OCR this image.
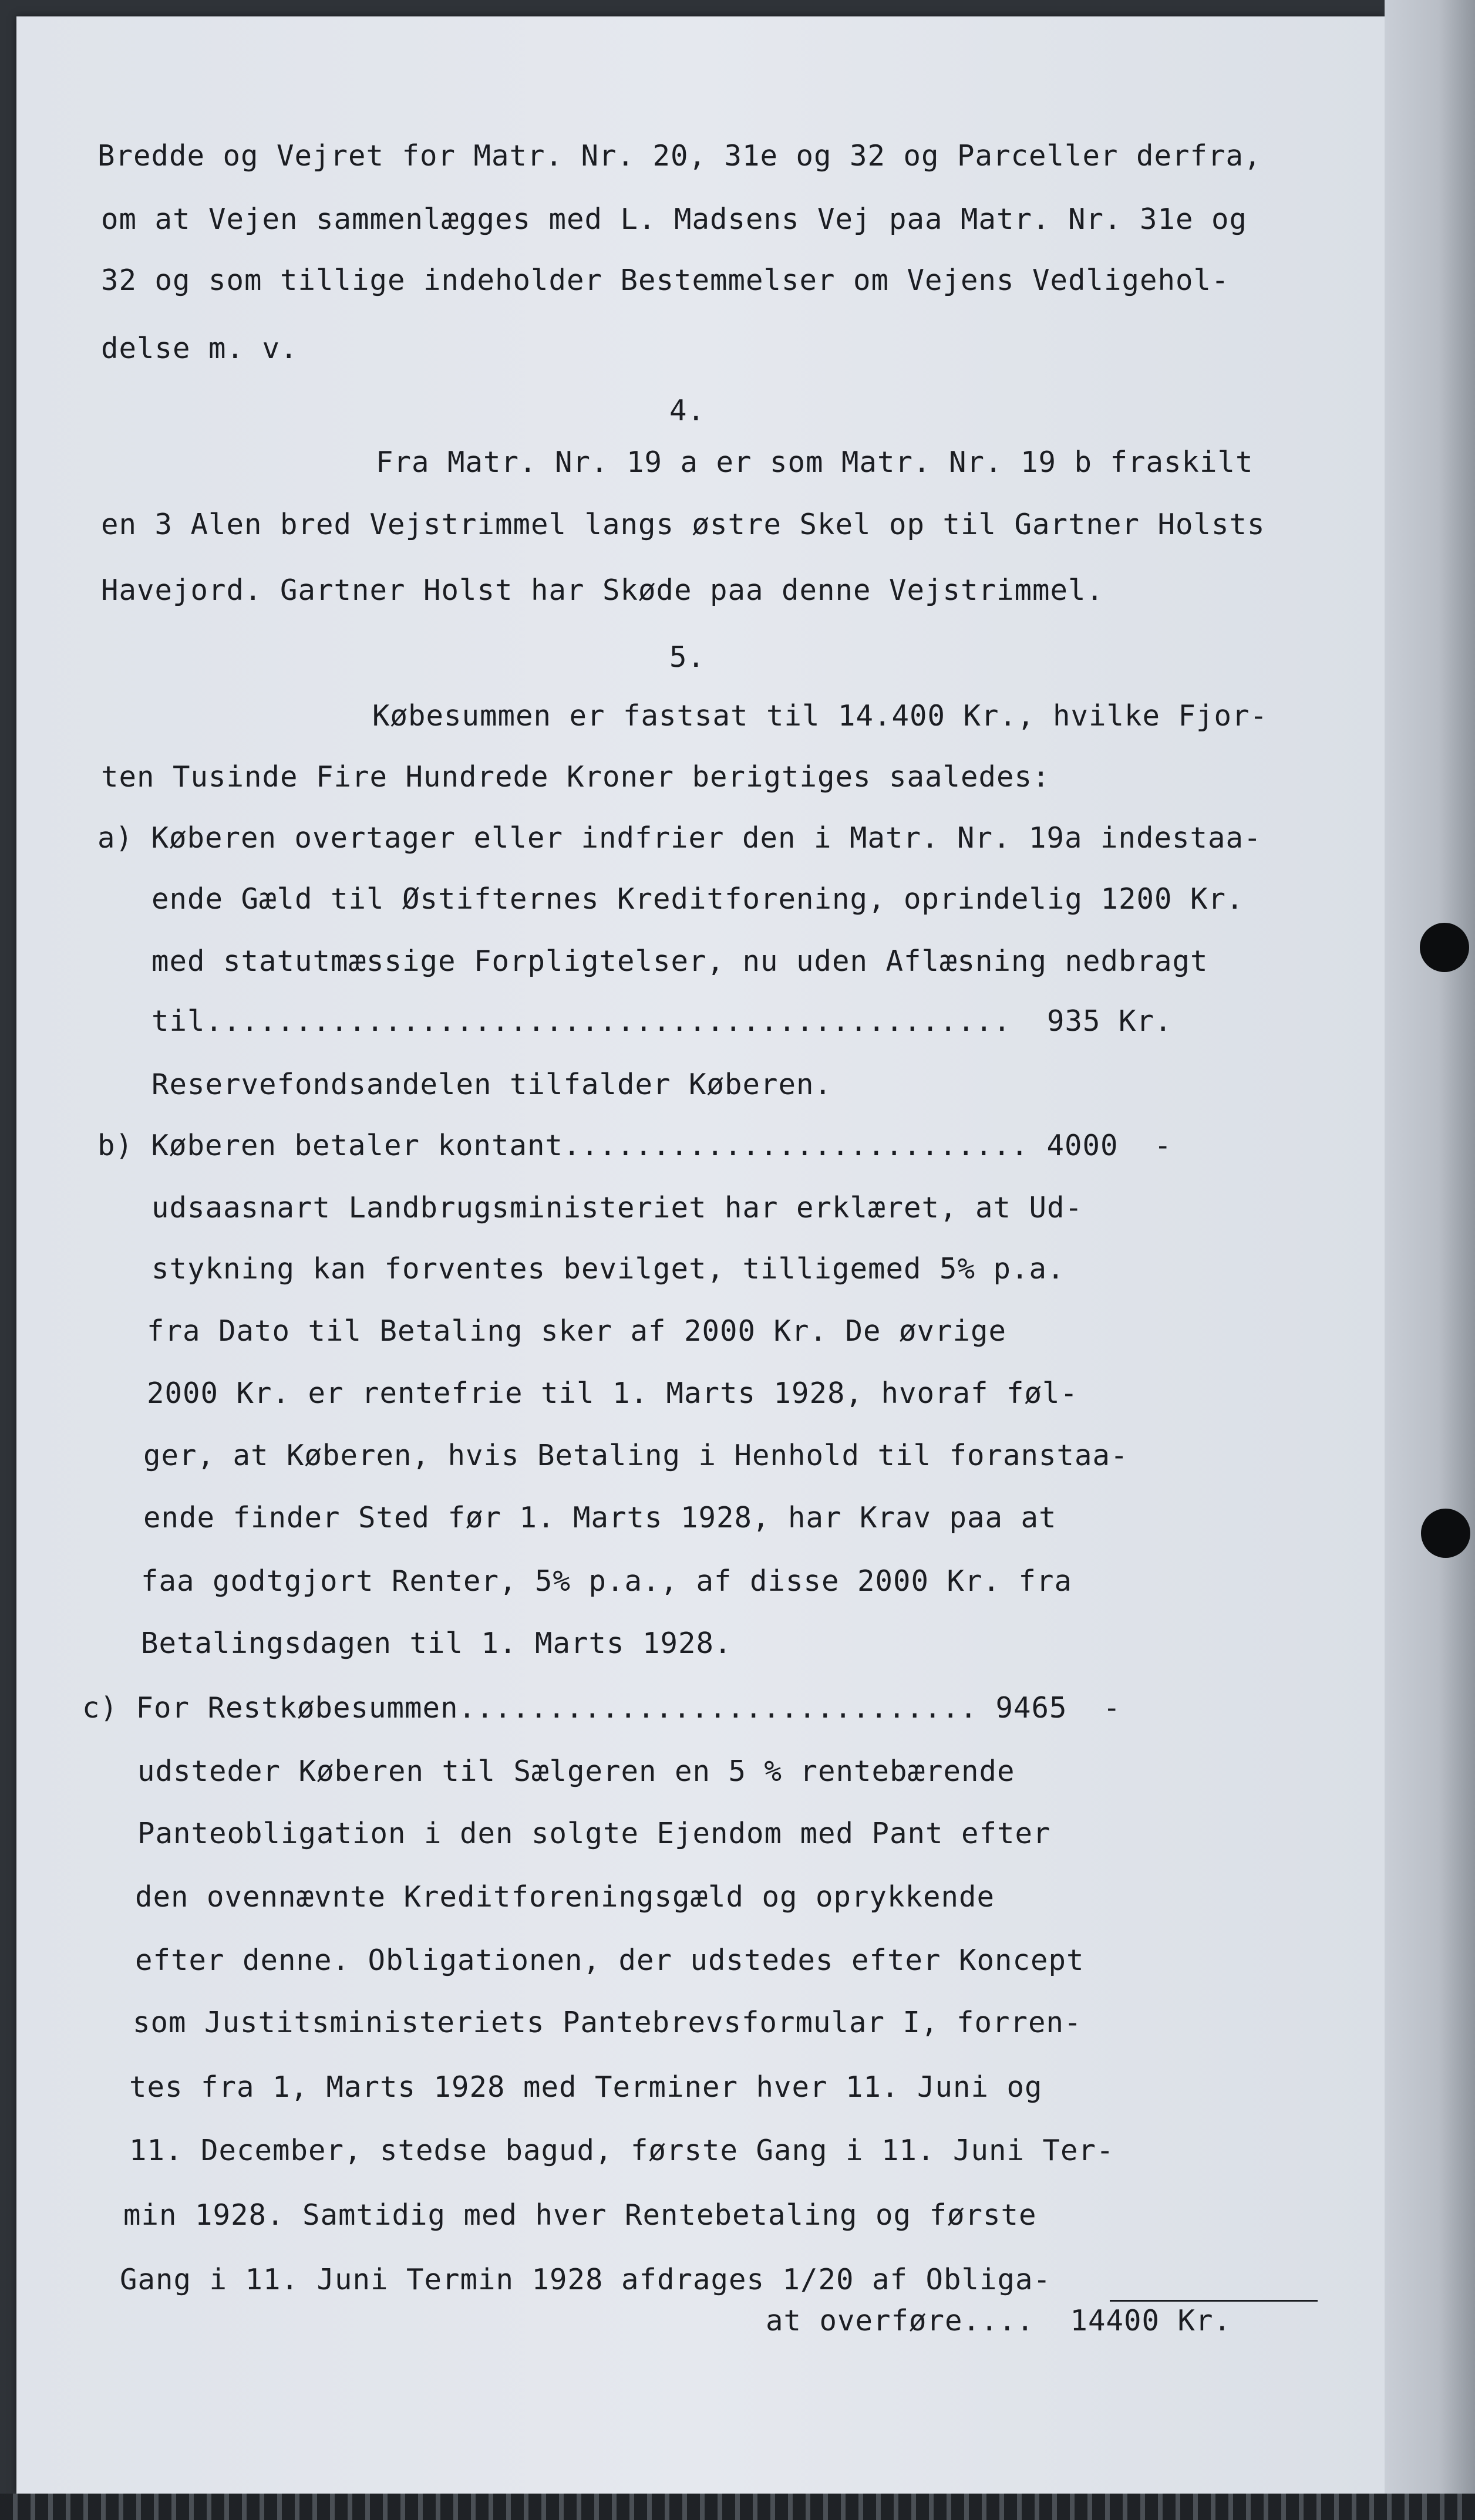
Bredde og Vejret for Matr. Nr. 20, 31e og 32 og Parceller derfra,
om at Vejen sammenlægges med L. Madsens Vej paa Matr. Nr. 31e og
32 og som tillige indeholder Bestemmelser om Vejens Vedligehol-
delse m. v.
4.
Fra Matr. Nr. 19 a er som Matr. Nr. 19 b fraskilt
en 3 Alen bred Vejstrimmel langs østre Skel op til Gartner Holsts
Havejord. Gartner Holst har Skøde paa denne Vejstrimmel.
5.
Købesummen er fastsat til 14.400 Kr., hvilke Fjor-
ten Tusinde Fire Hundrede Kroner berigtiges saaledes:
a) Køberen overtager eller indfrier den i Matr. Nr. 19a indestaa-
ende Gæld til Østifternes Kreditforening, oprindelig 1200 Kr.
med statutmæssige Forpligtelser, nu uden Aflæsning nedbragt
til.............................................  935 Kr.
Reservefondsandelen tilfalder Køberen.
b) Køberen betaler kontant.......................... 4000  -
udsaasnart Landbrugsministeriet har erklæret, at Ud-
stykning kan forventes bevilget, tilligemed 5% p.a.
fra Dato til Betaling sker af 2000 Kr. De øvrige
2000 Kr. er rentefrie til 1. Marts 1928, hvoraf føl-
ger, at Køberen, hvis Betaling i Henhold til foranstaa-
ende finder Sted før 1. Marts 1928, har Krav paa at
faa godtgjort Renter, 5% p.a., af disse 2000 Kr. fra
Betalingsdagen til 1. Marts 1928.
c) For Restkøbesummen............................. 9465  -
udsteder Køberen til Sælgeren en 5 % rentebærende
Panteobligation i den solgte Ejendom med Pant efter
den ovennævnte Kreditforeningsgæld og oprykkende
efter denne. Obligationen, der udstedes efter Koncept
som Justitsministeriets Pantebrevsformular I, forren-
tes fra 1, Marts 1928 med Terminer hver 11. Juni og
11. December, stedse bagud, første Gang i 11. Juni Ter-
min 1928. Samtidig med hver Rentebetaling og første
Gang i 11. Juni Termin 1928 afdrages 1/20 af Obliga-
at overføre....  14400 Kr.
